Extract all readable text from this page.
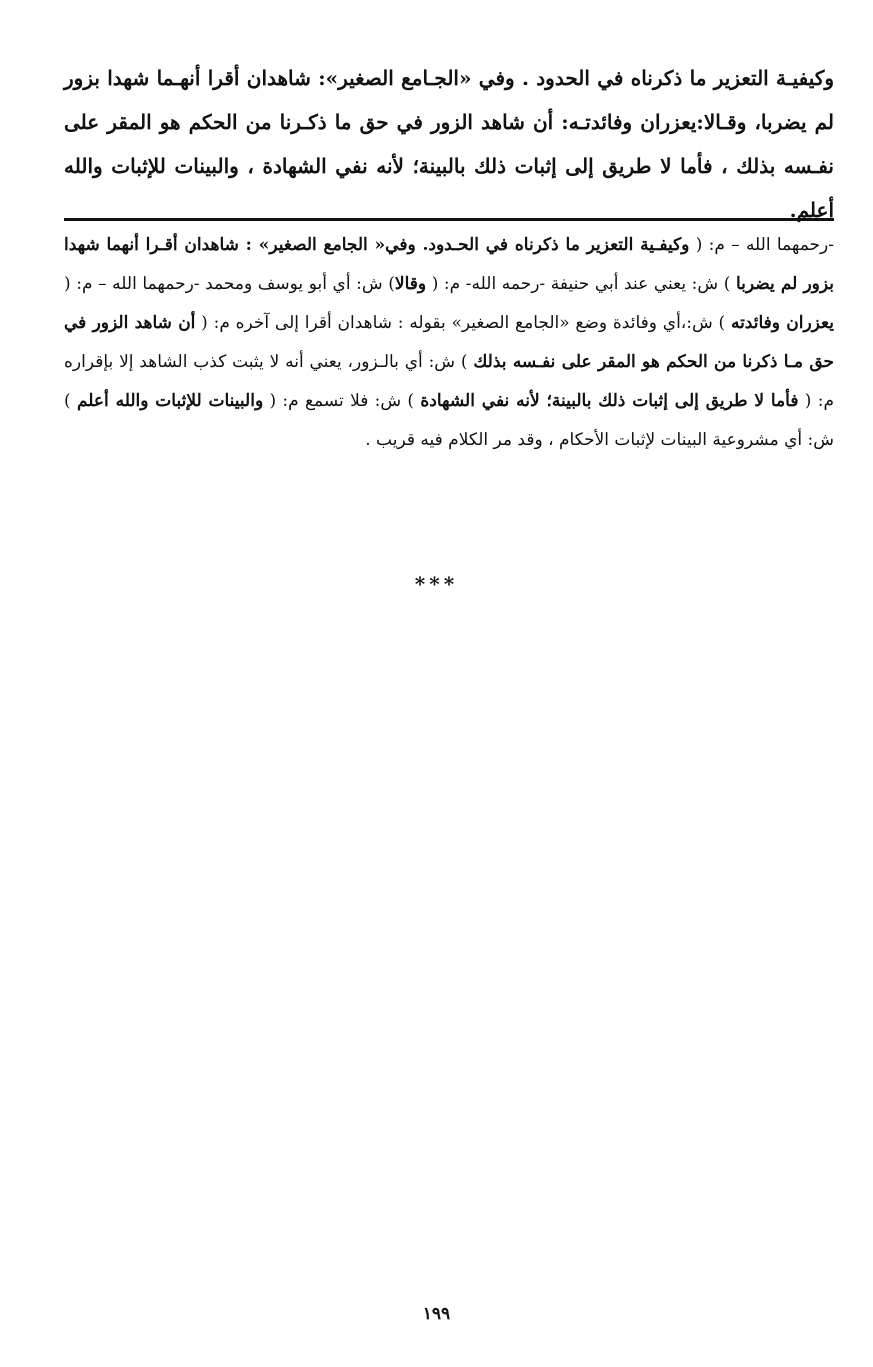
وكيفيـة التعزير ما ذكرناه في الحدود . وفي «الجـامع الصغير»: شاهدان أقرا أنهـما شهدا بزور لم يضربا، وقـالا:يعزران وفائدتـه: أن شاهد الزور في حق ما ذكـرنا من الحكم هو المقر على نفـسه بذلك ، فأما لا طريق إلى إثبات ذلك بالبينة؛ لأنه نفي الشهادة ، والبينات للإثبات والله أعلم.

-رحمهما الله – م: ( وكيفـية التعزير ما ذكرناه في الحـدود. وفي« الجامع الصغير» : شاهدان أقـرا أنهما شهدا بزور لم يضربا ) ش: يعني عند أبي حنيفة -رحمه الله- م: ( وقالا) ش: أي أبو يوسف ومحمد -رحمهما الله – م: ( يعزران وفائدته ) ش:،أي وفائدة وضع «الجامع الصغير» بقوله : شاهدان أقرا إلى آخره م: ( أن شاهد الزور في حق مـا ذكرنا من الحكم هو المقر على نفـسه بذلك ) ش: أي بالـزور، يعني أنه لا يثبت كذب الشاهد إلا بإقراره م: ( فأما لا طريق إلى إثبات ذلك بالبينة؛ لأنه نفي الشهادة ) ش: فلا تسمع م: ( والبينات للإثبات والله أعلم ) ش: أي مشروعية البينات لإثبات الأحكام ، وقد مر الكلام فيه قريب .

***
١٩٩
